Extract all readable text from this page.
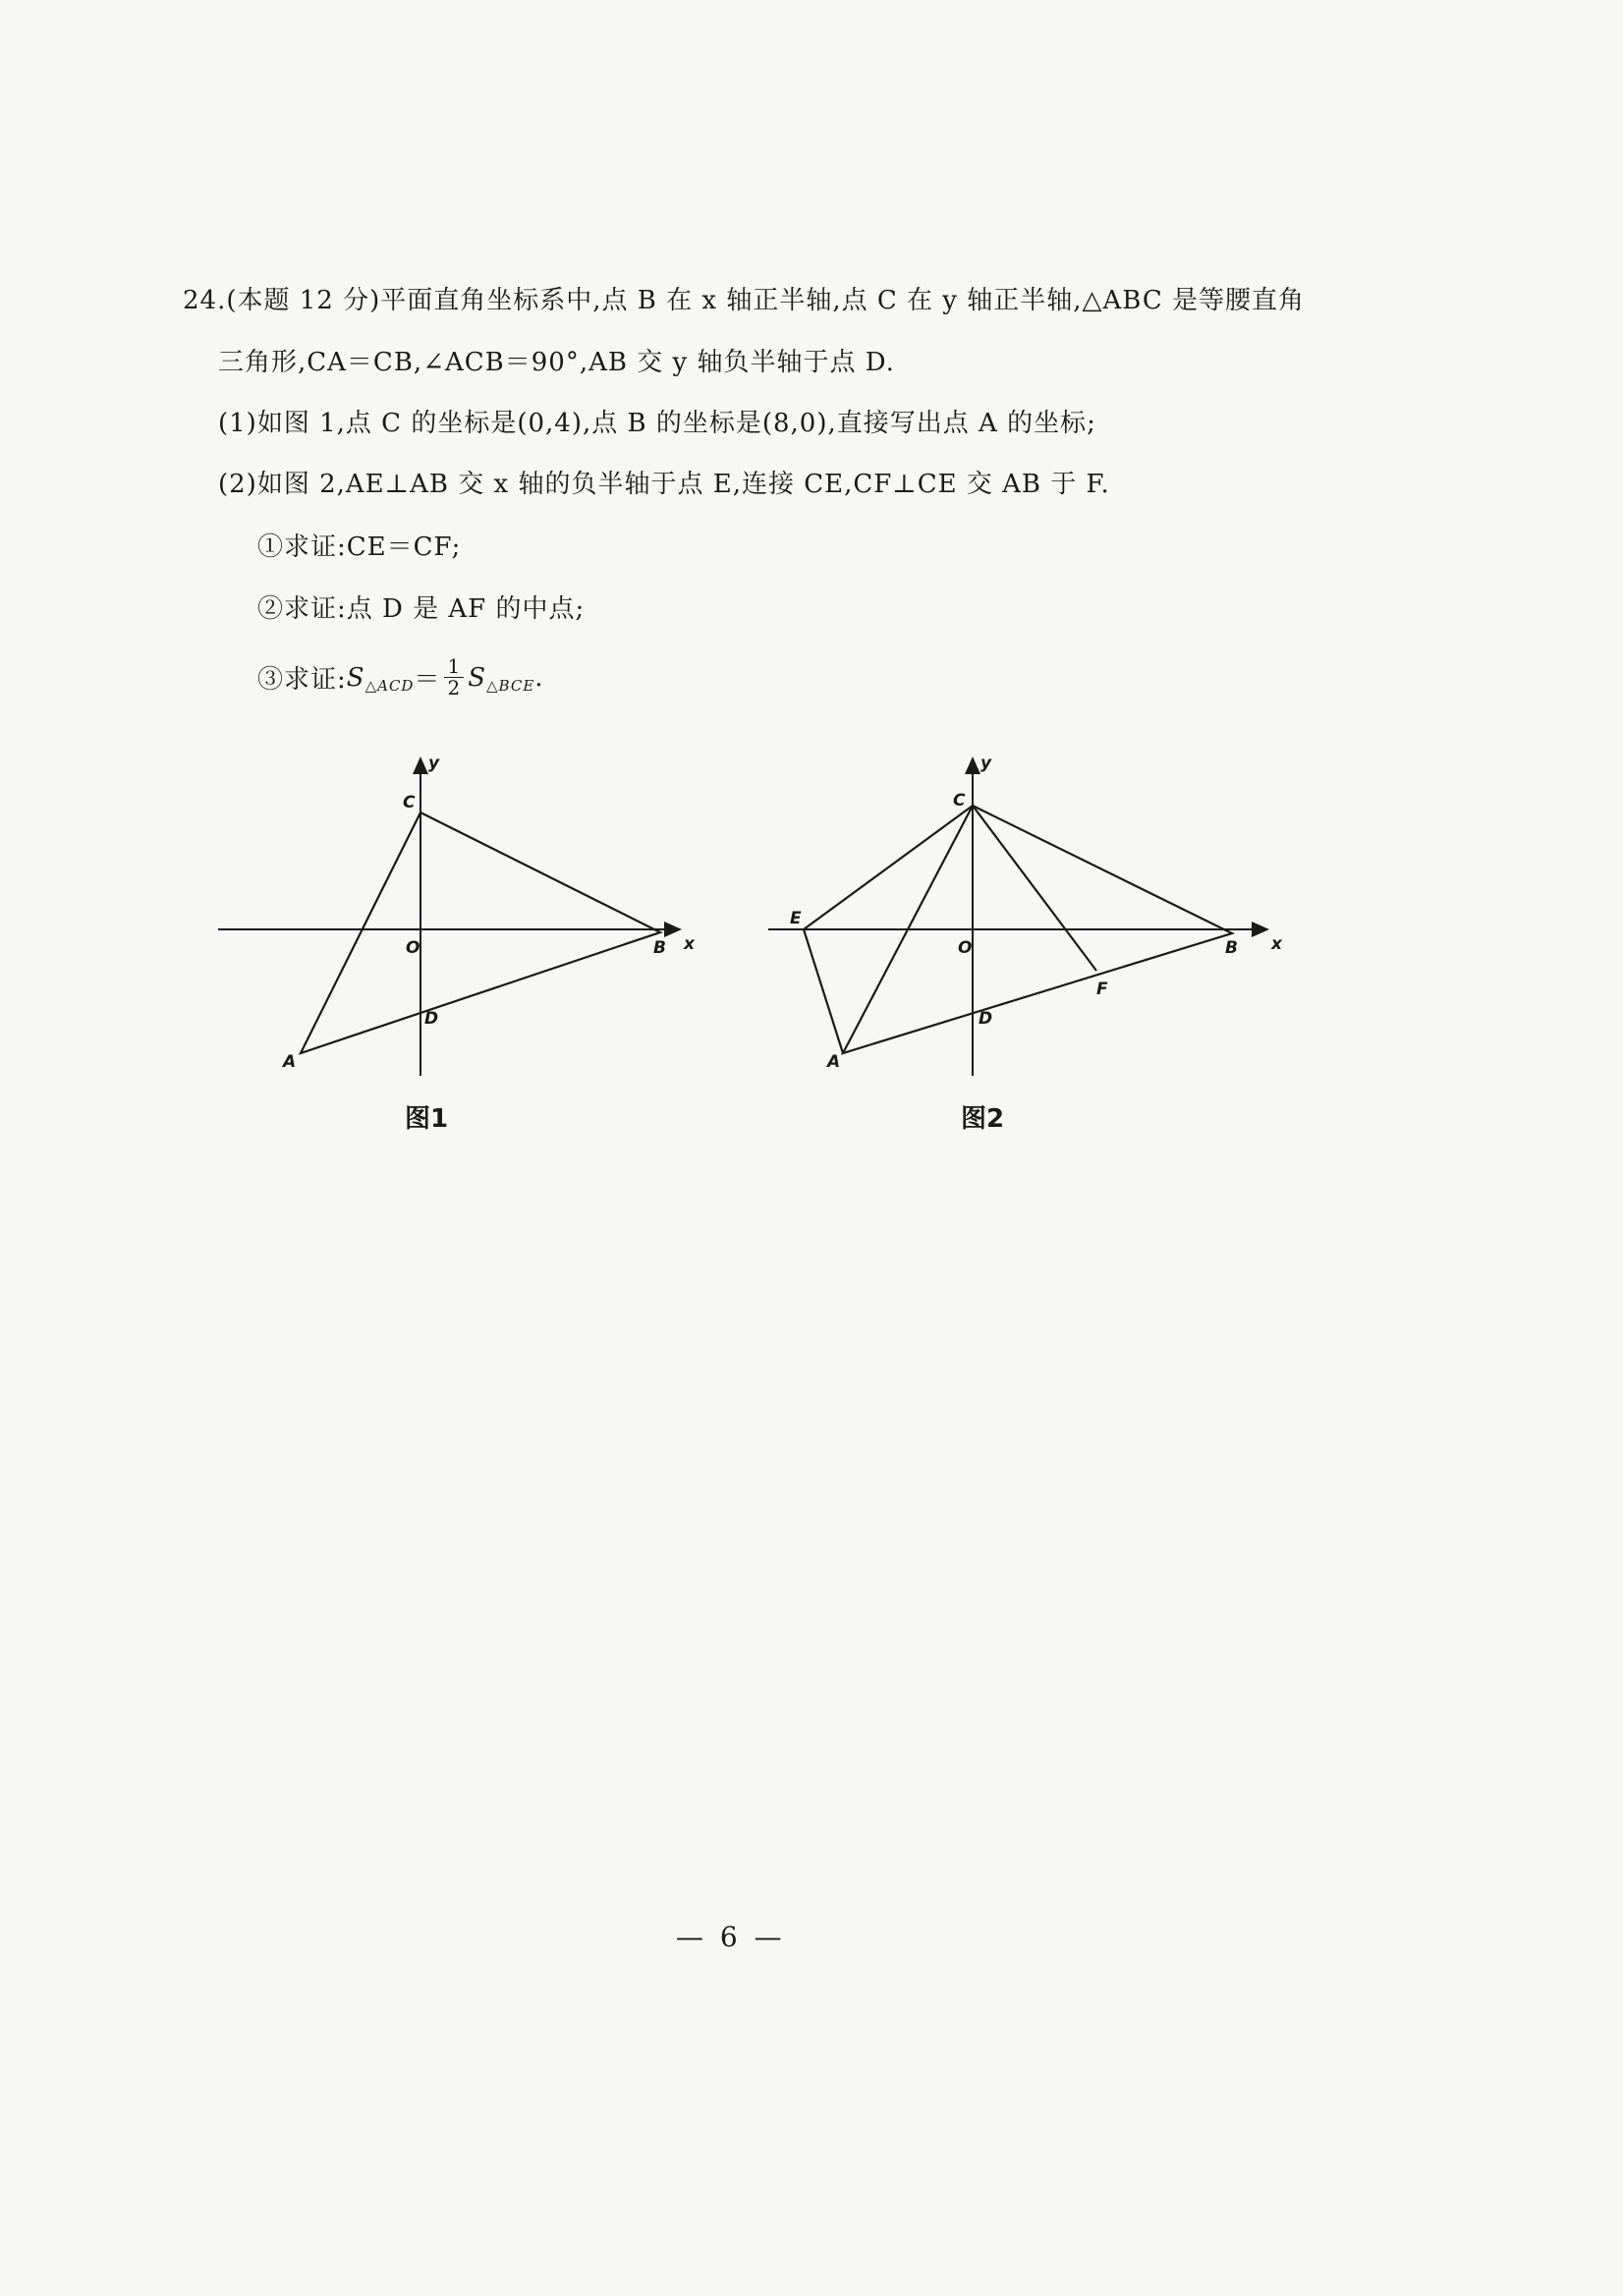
24.(本题 12 分)平面直角坐标系中,点 B 在 x 轴正半轴,点 C 在 y 轴正半轴,△ABC 是等腰直角
三角形,CA＝CB,∠ACB＝90°,AB 交 y 轴负半轴于点 D.
(1)如图 1,点 C 的坐标是(0,4),点 B 的坐标是(8,0),直接写出点 A 的坐标;
(2)如图 2,AE⊥AB 交 x 轴的负半轴于点 E,连接 CE,CF⊥CE 交 AB 于 F.
①求证:CE＝CF;
②求证:点 D 是 AF 的中点;
③求证: S △ACD ＝ $\frac{1}{2}$ S △BCE .
y
x
C
O	B
D
A
图1
y
x
C
O	B
E
F
D
A
图2
— 6 —
